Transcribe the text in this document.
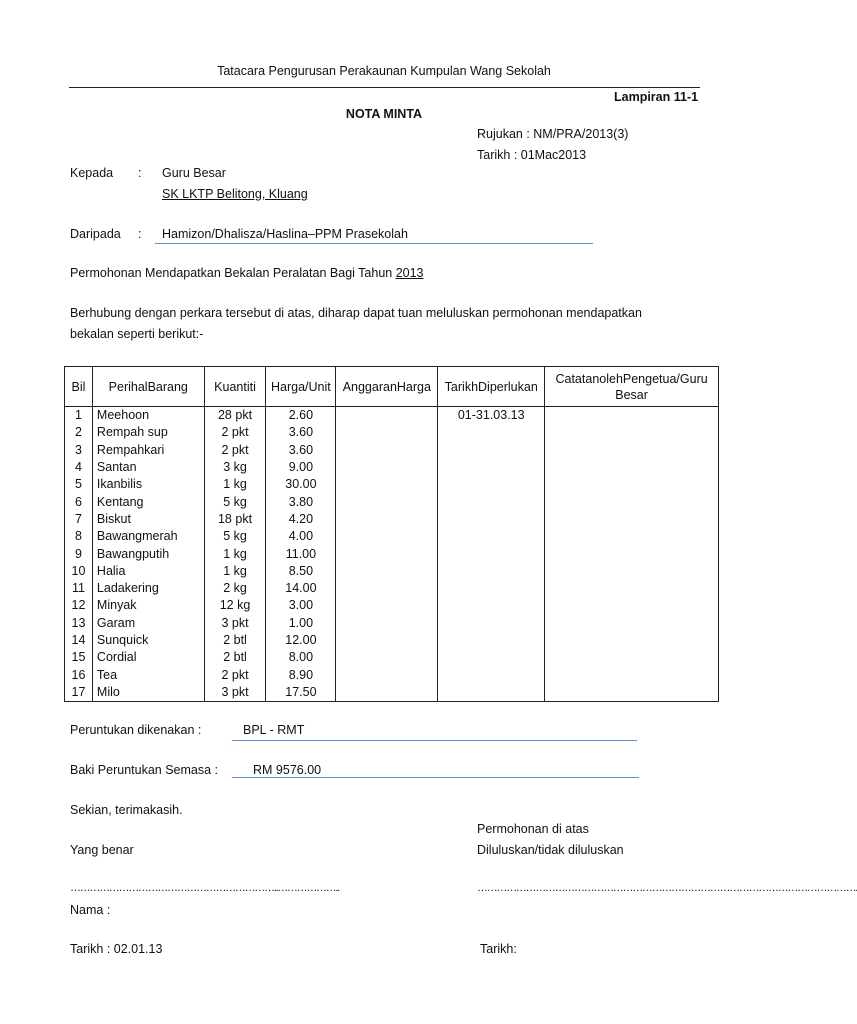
Tatacara Pengurusan Perakaunan Kumpulan Wang Sekolah
Lampiran 11-1
NOTA MINTA
Rujukan : NM/PRA/2013(3)
Tarikh : 01Mac2013
Kepada : Guru Besar
SK LKTP Belitong, Kluang
Daripada : Hamizon/Dhalisza/Haslina–PPM Prasekolah
Permohonan Mendapatkan Bekalan Peralatan Bagi Tahun 2013
Berhubung dengan perkara tersebut di atas, diharap dapat tuan meluluskan permohonan mendapatkan
bekalan seperti berikut:-
Bil	PerihalBarang	Kuantiti	Harga/Unit	AnggaranHarga	TarikhDiperlukan	CatatanolehPengetua/Guru Besar
1	Meehoon	28 pkt	2.60		01-31.03.13	
2	Rempah sup	2 pkt	3.60			
3	Rempahkari	2 pkt	3.60			
4	Santan	3 kg	9.00			
5	Ikanbilis	1 kg	30.00			
6	Kentang	5 kg	3.80			
7	Biskut	18 pkt	4.20			
8	Bawangmerah	5 kg	4.00			
9	Bawangputih	1 kg	11.00			
10	Halia	1 kg	8.50			
11	Ladakering	2 kg	14.00			
12	Minyak	12 kg	3.00			
13	Garam	3 pkt	1.00			
14	Sunquick	2 btl	12.00			
15	Cordial	2 btl	8.00			
16	Tea	2 pkt	8.90			
17	Milo	3 pkt	17.50			
Peruntukan dikenakan :	BPL - RMT
Baki Peruntukan Semasa :	RM 9576.00
Sekian, terimakasih.
Permohonan di atas
Yang benar	Diluluskan/tidak diluluskan
………………………………………………………..………………..	……………………………………………………………………………………………………….
Nama :
Tarikh : 02.01.13	Tarikh:
